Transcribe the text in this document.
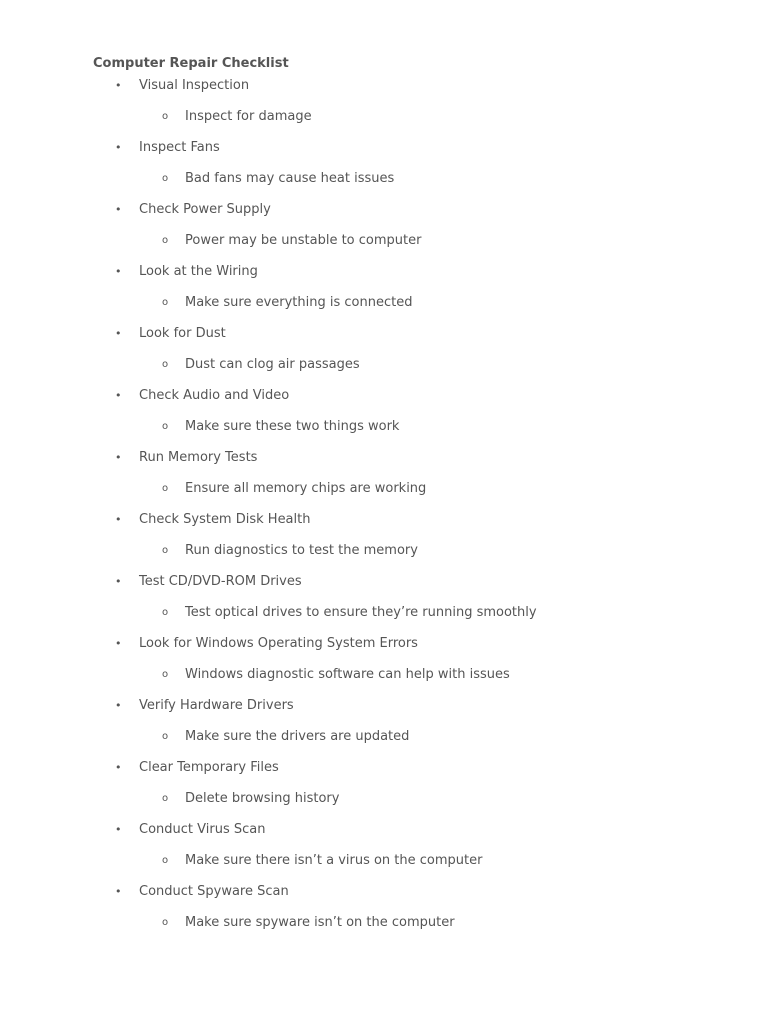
Computer Repair Checklist
• Visual Inspection
o Inspect for damage
• Inspect Fans
o Bad fans may cause heat issues
• Check Power Supply
o Power may be unstable to computer
• Look at the Wiring
o Make sure everything is connected
• Look for Dust
o Dust can clog air passages
• Check Audio and Video
o Make sure these two things work
• Run Memory Tests
o Ensure all memory chips are working
• Check System Disk Health
o Run diagnostics to test the memory
• Test CD/DVD-ROM Drives
o Test optical drives to ensure they’re running smoothly
• Look for Windows Operating System Errors
o Windows diagnostic software can help with issues
• Verify Hardware Drivers
o Make sure the drivers are updated
• Clear Temporary Files
o Delete browsing history
• Conduct Virus Scan
o Make sure there isn’t a virus on the computer
• Conduct Spyware Scan
o Make sure spyware isn’t on the computer
